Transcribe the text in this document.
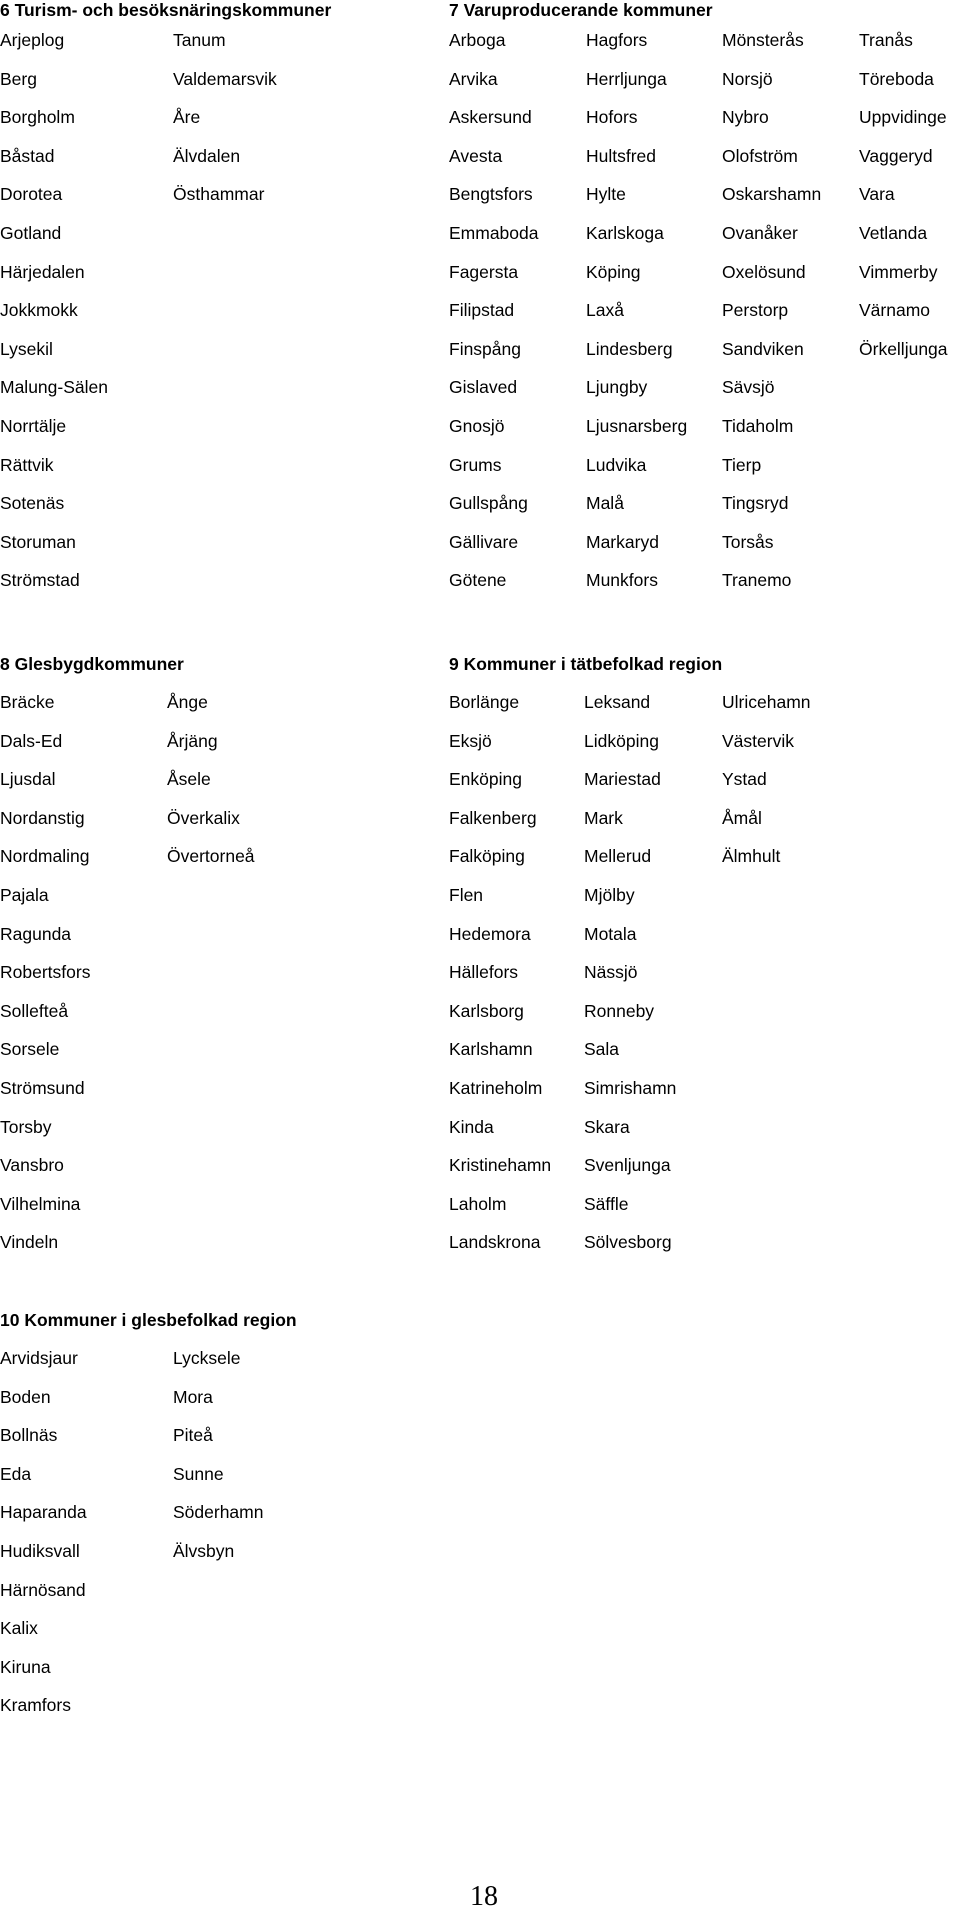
6 Turism- och besöksnäringskommuner
Arjeplog
Berg
Borgholm
Båstad
Dorotea
Gotland
Härjedalen
Jokkmokk
Lysekil
Malung-Sälen
Norrtälje
Rättvik
Sotenäs
Storuman
Strömstad
Tanum
Valdemarsvik
Åre
Älvdalen
Östhammar
7 Varuproducerande kommuner
Arboga
Arvika
Askersund
Avesta
Bengtsfors
Emmaboda
Fagersta
Filipstad
Finspång
Gislaved
Gnosjö
Grums
Gullspång
Gällivare
Götene
Hagfors
Herrljunga
Hofors
Hultsfred
Hylte
Karlskoga
Köping
Laxå
Lindesberg
Ljungby
Ljusnarsberg
Ludvika
Malå
Markaryd
Munkfors
Mönsterås
Norsjö
Nybro
Olofström
Oskarshamn
Ovanåker
Oxelösund
Perstorp
Sandviken
Sävsjö
Tidaholm
Tierp
Tingsryd
Torsås
Tranemo
Tranås
Töreboda
Uppvidinge
Vaggeryd
Vara
Vetlanda
Vimmerby
Värnamo
Örkelljunga
8 Glesbygdkommuner
Bräcke
Dals-Ed
Ljusdal
Nordanstig
Nordmaling
Pajala
Ragunda
Robertsfors
Sollefteå
Sorsele
Strömsund
Torsby
Vansbro
Vilhelmina
Vindeln
Ånge
Årjäng
Åsele
Överkalix
Övertorneå
9 Kommuner i tätbefolkad region
Borlänge
Eksjö
Enköping
Falkenberg
Falköping
Flen
Hedemora
Hällefors
Karlsborg
Karlshamn
Katrineholm
Kinda
Kristinehamn
Laholm
Landskrona
Leksand
Lidköping
Mariestad
Mark
Mellerud
Mjölby
Motala
Nässjö
Ronneby
Sala
Simrishamn
Skara
Svenljunga
Säffle
Sölvesborg
Ulricehamn
Västervik
Ystad
Åmål
Älmhult
10 Kommuner i glesbefolkad region
Arvidsjaur
Boden
Bollnäs
Eda
Haparanda
Hudiksvall
Härnösand
Kalix
Kiruna
Kramfors
Lycksele
Mora
Piteå
Sunne
Söderhamn
Älvsbyn
18
